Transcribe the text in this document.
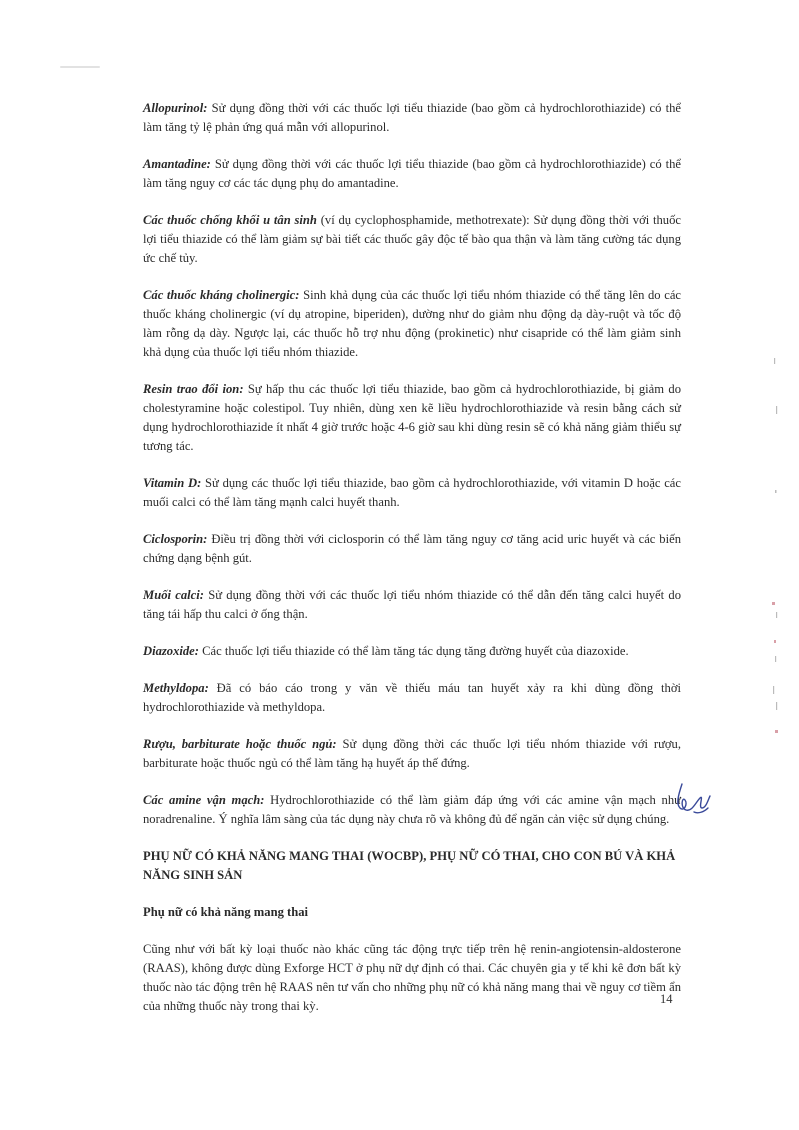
Allopurinol: Sử dụng đồng thời với các thuốc lợi tiểu thiazide (bao gồm cả hydrochlorothiazide) có thể làm tăng tỷ lệ phản ứng quá mẫn với allopurinol.

Amantadine: Sử dụng đồng thời với các thuốc lợi tiểu thiazide (bao gồm cả hydrochlorothiazide) có thể làm tăng nguy cơ các tác dụng phụ do amantadine.

Các thuốc chống khối u tân sinh (ví dụ cyclophosphamide, methotrexate): Sử dụng đồng thời với thuốc lợi tiểu thiazide có thể làm giảm sự bài tiết các thuốc gây độc tế bào qua thận và làm tăng cường tác dụng ức chế tủy.

Các thuốc kháng cholinergic: Sinh khả dụng của các thuốc lợi tiểu nhóm thiazide có thể tăng lên do các thuốc kháng cholinergic (ví dụ atropine, biperiden), dường như do giảm nhu động dạ dày-ruột và tốc độ làm rỗng dạ dày. Ngược lại, các thuốc hỗ trợ nhu động (prokinetic) như cisapride có thể làm giảm sinh khả dụng của thuốc lợi tiểu nhóm thiazide.

Resin trao đổi ion: Sự hấp thu các thuốc lợi tiểu thiazide, bao gồm cả hydrochlorothiazide, bị giảm do cholestyramine hoặc colestipol. Tuy nhiên, dùng xen kẽ liều hydrochlorothiazide và resin bằng cách sử dụng hydrochlorothiazide ít nhất 4 giờ trước hoặc 4-6 giờ sau khi dùng resin sẽ có khả năng giảm thiểu sự tương tác.

Vitamin D: Sử dụng các thuốc lợi tiểu thiazide, bao gồm cả hydrochlorothiazide, với vitamin D hoặc các muối calci có thể làm tăng mạnh calci huyết thanh.

Ciclosporin: Điều trị đồng thời với ciclosporin có thể làm tăng nguy cơ tăng acid uric huyết và các biến chứng dạng bệnh gút.

Muối calci: Sử dụng đồng thời với các thuốc lợi tiểu nhóm thiazide có thể dẫn đến tăng calci huyết do tăng tái hấp thu calci ở ống thận.

Diazoxide: Các thuốc lợi tiểu thiazide có thể làm tăng tác dụng tăng đường huyết của diazoxide.

Methyldopa: Đã có báo cáo trong y văn về thiếu máu tan huyết xảy ra khi dùng đồng thời hydrochlorothiazide và methyldopa.

Rượu, barbiturate hoặc thuốc ngủ: Sử dụng đồng thời các thuốc lợi tiểu nhóm thiazide với rượu, barbiturate hoặc thuốc ngủ có thể làm tăng hạ huyết áp thế đứng.

Các amine vận mạch: Hydrochlorothiazide có thể làm giảm đáp ứng với các amine vận mạch như noradrenaline. Ý nghĩa lâm sàng của tác dụng này chưa rõ và không đủ để ngăn cản việc sử dụng chúng.

PHỤ NỮ CÓ KHẢ NĂNG MANG THAI (WOCBP), PHỤ NỮ CÓ THAI, CHO CON BÚ VÀ KHẢ NĂNG SINH SẢN
Phụ nữ có khả năng mang thai

Cũng như với bất kỳ loại thuốc nào khác cũng tác động trực tiếp trên hệ renin-angiotensin-aldosterone (RAAS), không được dùng Exforge HCT ở phụ nữ dự định có thai. Các chuyên gia y tế khi kê đơn bất kỳ thuốc nào tác động trên hệ RAAS nên tư vấn cho những phụ nữ có khả năng mang thai về nguy cơ tiềm ẩn của những thuốc này trong thai kỳ.	14
